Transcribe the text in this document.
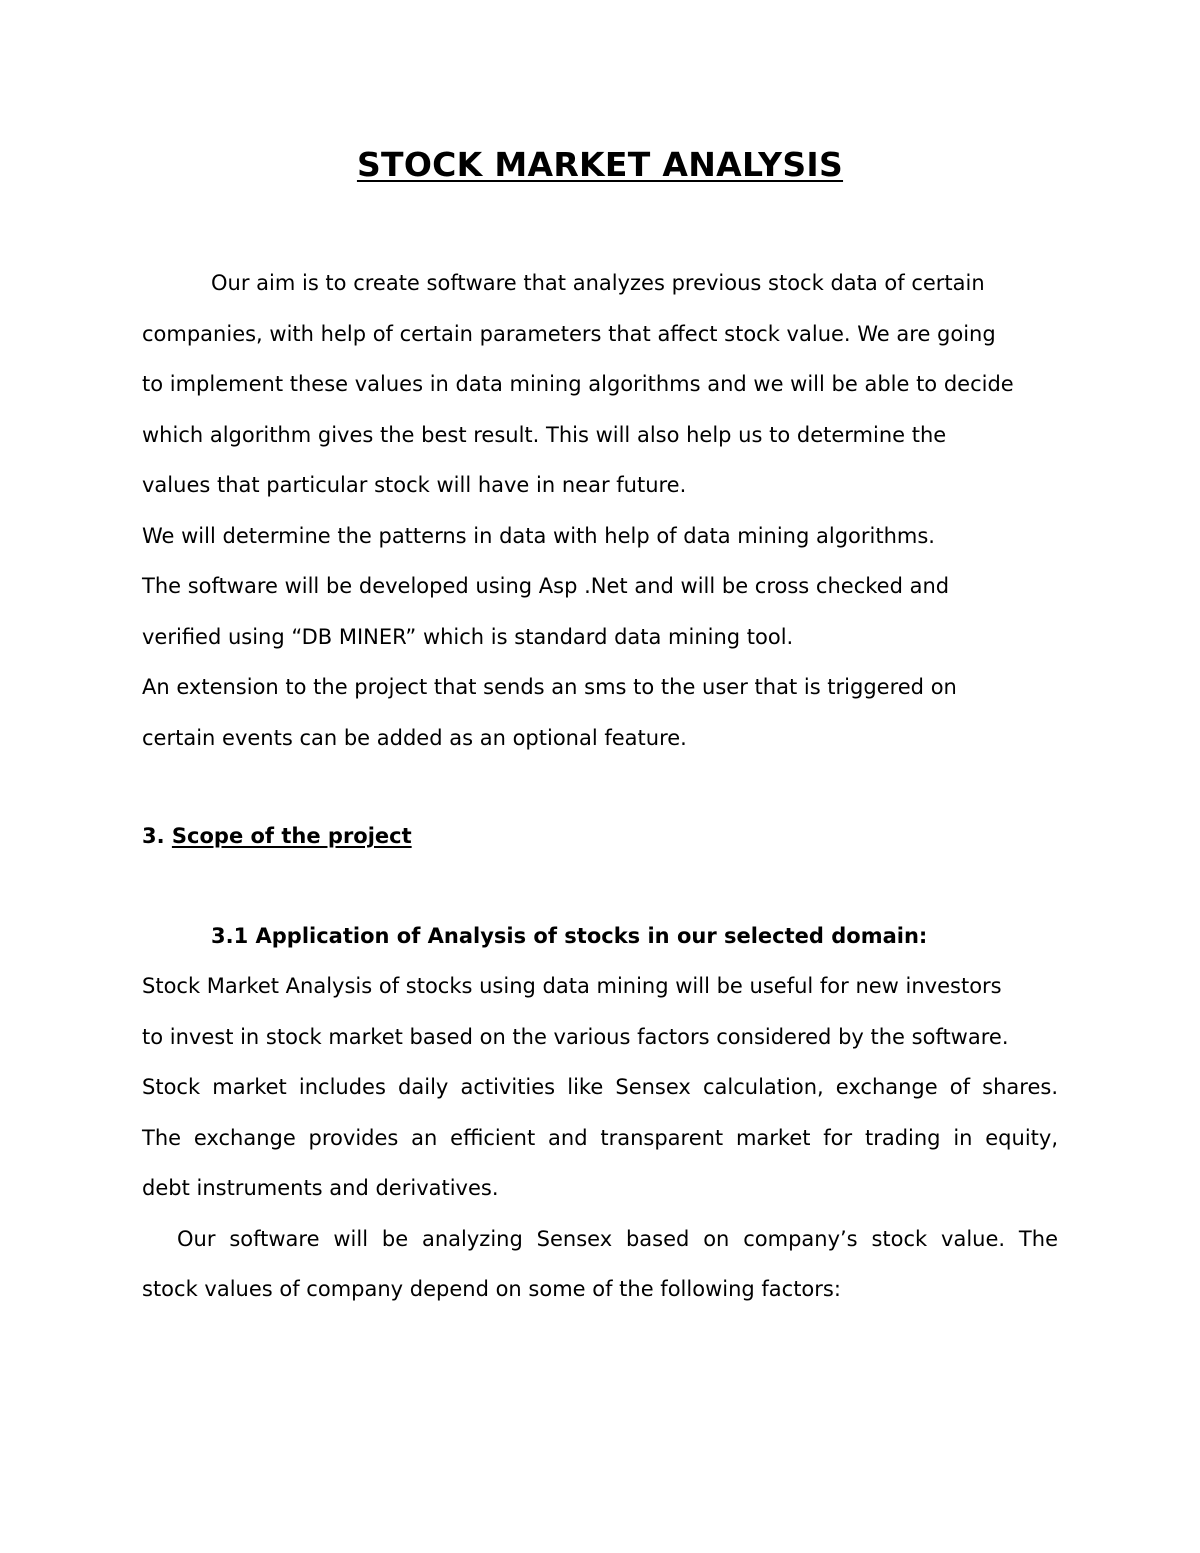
STOCK MARKET ANALYSIS
Our aim is to create software that analyzes previous stock data of certain
companies, with help of certain parameters that affect stock value. We are going
to implement these values in data mining algorithms and we will be able to decide
which algorithm gives the best result. This will also help us to determine the
values that particular stock will have in near future.
We will determine the patterns in data with help of data mining algorithms.
The software will be developed using Asp .Net and will be cross checked and
verified using “DB MINER” which is standard data mining tool.
An extension to the project that sends an sms to the user that is triggered on
certain events can be added as an optional feature.
3. Scope of the project
3.1 Application of Analysis of stocks in our selected domain:
Stock Market Analysis of stocks using data mining will be useful for new investors
to invest in stock market based on the various factors considered by the software.
Stock market includes daily activities like Sensex calculation, exchange of shares.
The exchange provides an efficient and transparent market for trading in equity,
debt instruments and derivatives.
Our software will be analyzing Sensex based on company’s stock value. The
stock values of company depend on some of the following factors:
